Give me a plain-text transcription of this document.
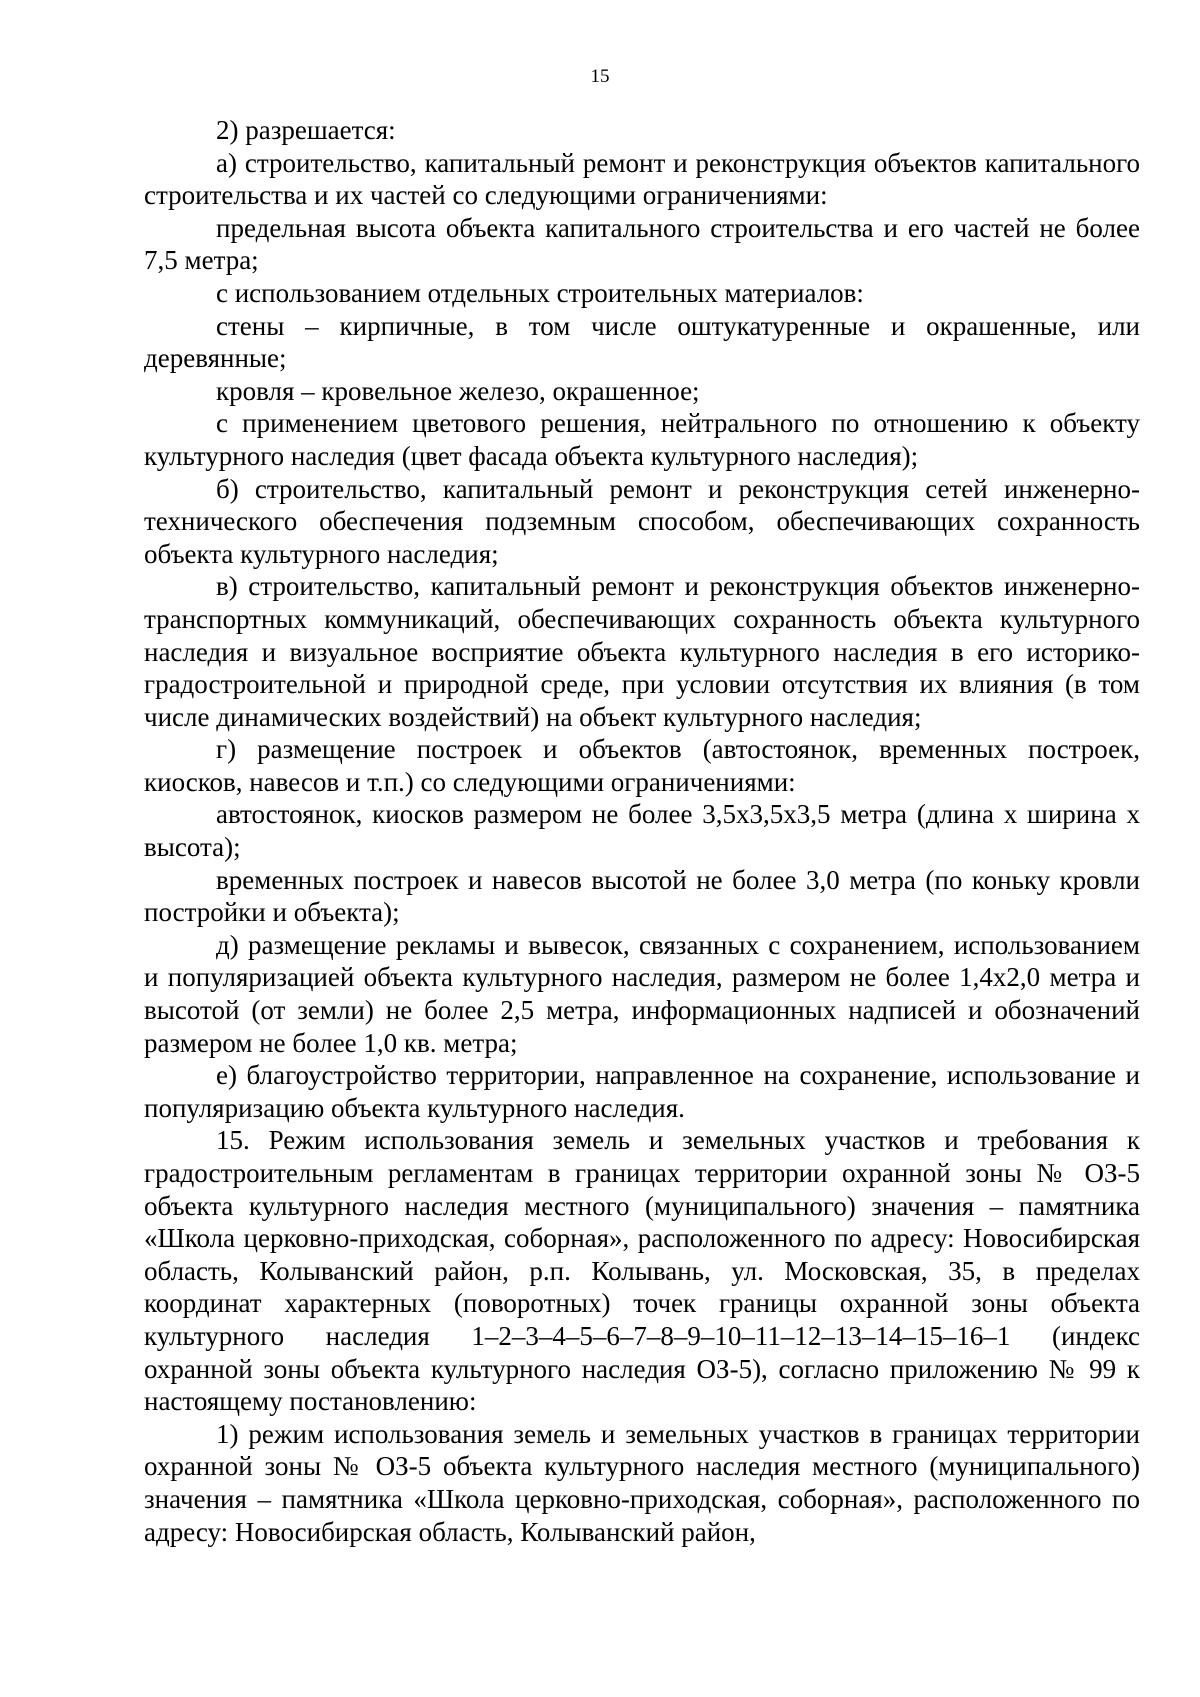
15

2) разрешается:

а) строительство, капитальный ремонт и реконструкция объектов капитального строительства и их частей со следующими ограничениями:

предельная высота объекта капитального строительства и его частей не более 7,5 метра;

с использованием отдельных строительных материалов:

стены – кирпичные, в том числе оштукатуренные и окрашенные, или деревянные;

кровля – кровельное железо, окрашенное;

с применением цветового решения, нейтрального по отношению к объекту культурного наследия (цвет фасада объекта культурного наследия);

б) строительство, капитальный ремонт и реконструкция сетей инженерно-технического обеспечения подземным способом, обеспечивающих сохранность объекта культурного наследия;

в) строительство, капитальный ремонт и реконструкция объектов инженерно-транспортных коммуникаций, обеспечивающих сохранность объекта культурного наследия и визуальное восприятие объекта культурного наследия в его историко-градостроительной и природной среде, при условии отсутствия их влияния (в том числе динамических воздействий) на объект культурного наследия;

г) размещение построек и объектов (автостоянок, временных построек, киосков, навесов и т.п.) со следующими ограничениями:

автостоянок, киосков размером не более 3,5x3,5x3,5 метра (длина x ширина x высота);

временных построек и навесов высотой не более 3,0 метра (по коньку кровли постройки и объекта);

д) размещение рекламы и вывесок, связанных с сохранением, использованием и популяризацией объекта культурного наследия, размером не более 1,4x2,0 метра и высотой (от земли) не более 2,5 метра, информационных надписей и обозначений размером не более 1,0 кв. метра;

е) благоустройство территории, направленное на сохранение, использование и популяризацию объекта культурного наследия.

15. Режим использования земель и земельных участков и требования к градостроительным регламентам в границах территории охранной зоны № ОЗ-5 объекта культурного наследия местного (муниципального) значения – памятника «Школа церковно-приходская, соборная», расположенного по адресу: Новосибирская область, Колыванский район, р.п. Колывань, ул. Московская, 35, в пределах координат характерных (поворотных) точек границы охранной зоны объекта культурного наследия 1–2–3–4–5–6–7–8–9–10–11–12–13–14–15–16–1 (индекс охранной зоны объекта культурного наследия ОЗ-5), согласно приложению № 99 к настоящему постановлению:

1) режим использования земель и земельных участков в границах территории охранной зоны № ОЗ-5 объекта культурного наследия местного (муниципального) значения – памятника «Школа церковно-приходская, соборная», расположенного по адресу: Новосибирская область, Колыванский район,
